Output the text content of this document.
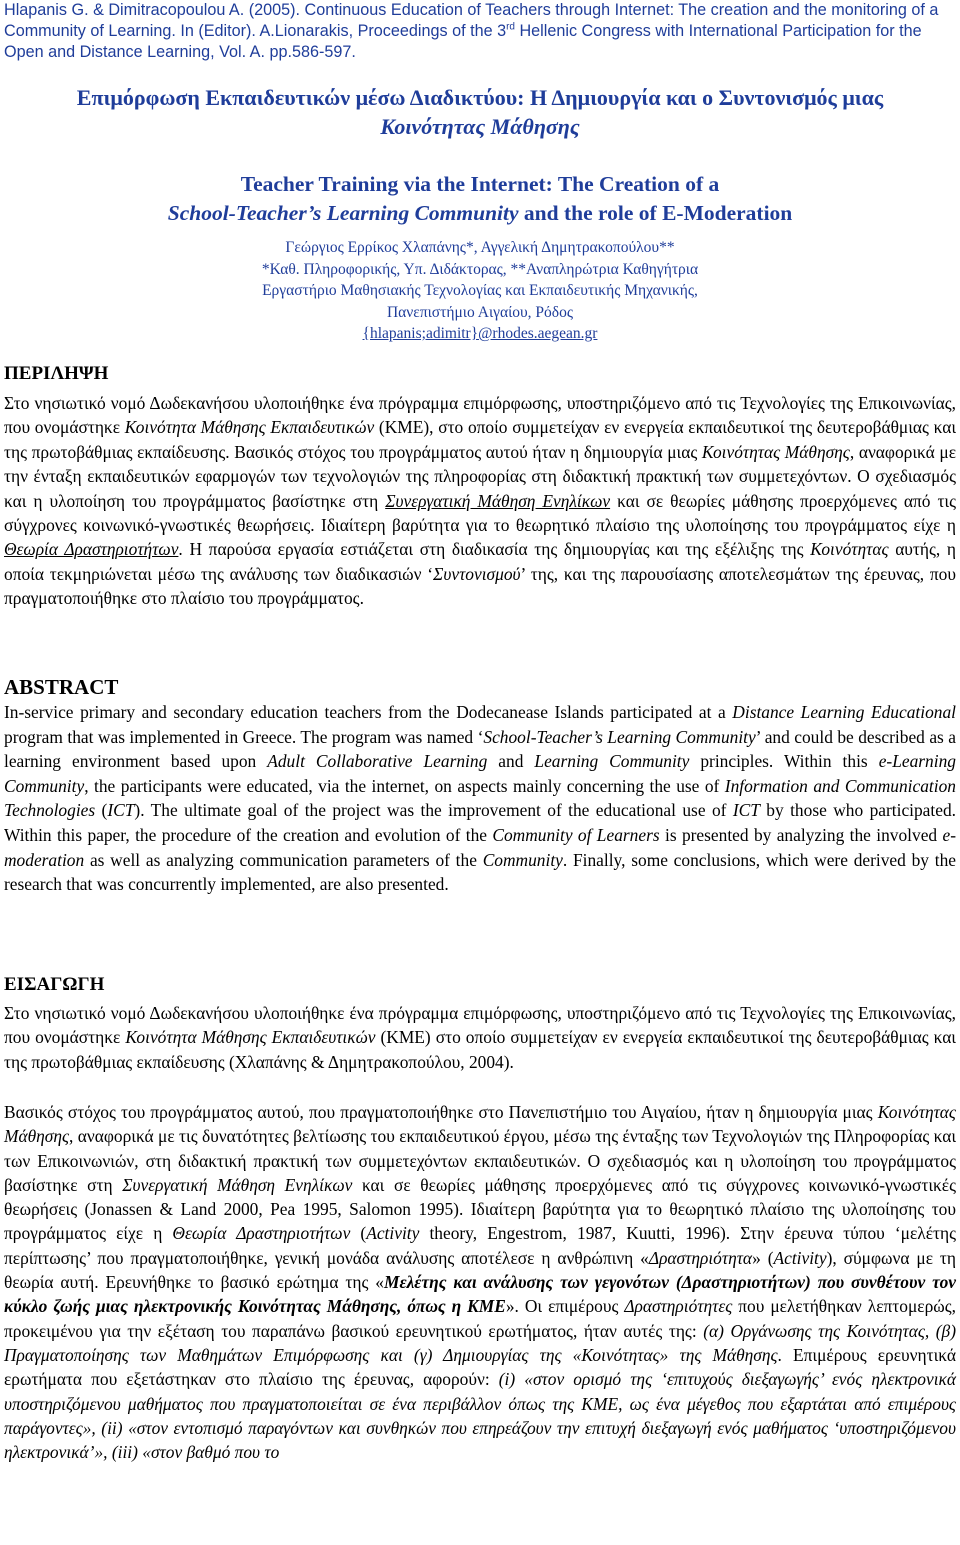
Hlapanis G. & Dimitracopoulou A. (2005). Continuous Education of Teachers through Internet: The creation and the monitoring of a Community of Learning. In (Editor). A.Lionarakis, Proceedings of the 3rd Hellenic Congress with International Participation for the Open and Distance Learning, Vol. A. pp.586-597.
Επιμόρφωση Εκπαιδευτικών μέσω Διαδικτύου: Η Δημιουργία και ο Συντονισμός μιας
Κοινότητας Μάθησης
Teacher Training via the Internet: The Creation of a
School-Teacher’s Learning Community and the role of E-Moderation
Γεώργιος Ερρίκος Χλαπάνης*, Αγγελική Δημητρακοπούλου**
*Καθ. Πληροφορικής, Υπ. Διδάκτορας, **Αναπληρώτρια Καθηγήτρια
Εργαστήριο Μαθησιακής Τεχνολογίας και Εκπαιδευτικής Μηχανικής,
Πανεπιστήμιο Αιγαίου, Ρόδος
{hlapanis;adimitr}@rhodes.aegean.gr
ΠΕΡΙΛΗΨΗ
Στο νησιωτικό νομό Δωδεκανήσου υλοποιήθηκε ένα πρόγραμμα επιμόρφωσης, υποστηριζόμενο από τις Τεχνολογίες της Επικοινωνίας, που ονομάστηκε Κοινότητα Μάθησης Εκπαιδευτικών (ΚΜΕ), στο οποίο συμμετείχαν εν ενεργεία εκπαιδευτικοί της δευτεροβάθμιας και της πρωτοβάθμιας εκπαίδευσης. Βασικός στόχος του προγράμματος αυτού ήταν η δημιουργία μιας Κοινότητας Μάθησης, αναφορικά με την ένταξη εκπαιδευτικών εφαρμογών των τεχνολογιών της πληροφορίας στη διδακτική πρακτική των συμμετεχόντων. Ο σχεδιασμός και η υλοποίηση του προγράμματος βασίστηκε στη Συνεργατική Μάθηση Ενηλίκων και σε θεωρίες μάθησης προερχόμενες από τις σύγχρονες κοινωνικό-γνωστικές θεωρήσεις. Ιδιαίτερη βαρύτητα για το θεωρητικό πλαίσιο της υλοποίησης του προγράμματος είχε η Θεωρία Δραστηριοτήτων. Η παρούσα εργασία εστιάζεται στη διαδικασία της δημιουργίας και της εξέλιξης της Κοινότητας αυτής, η οποία τεκμηριώνεται μέσω της ανάλυσης των διαδικασιών ‘Συντονισμού’ της, και της παρουσίασης αποτελεσμάτων της έρευνας, που πραγματοποιήθηκε στο πλαίσιο του προγράμματος.
ABSTRACT
In-service primary and secondary education teachers from the Dodecanease Islands participated at a Distance Learning Educational program that was implemented in Greece. The program was named ‘School-Teacher’s Learning Community’ and could be described as a learning environment based upon Adult Collaborative Learning and Learning Community principles. Within this e-Learning Community, the participants were educated, via the internet, on aspects mainly concerning the use of Information and Communication Technologies (ICT). The ultimate goal of the project was the improvement of the educational use of ICT by those who participated. Within this paper, the procedure of the creation and evolution of the Community of Learners is presented by analyzing the involved e-moderation as well as analyzing communication parameters of the Community. Finally, some conclusions, which were derived by the research that was concurrently implemented, are also presented.
ΕΙΣΑΓΩΓΗ
Στο νησιωτικό νομό Δωδεκανήσου υλοποιήθηκε ένα πρόγραμμα επιμόρφωσης, υποστηριζόμενο από τις Τεχνολογίες της Επικοινωνίας, που ονομάστηκε Κοινότητα Μάθησης Εκπαιδευτικών (ΚΜΕ) στο οποίο συμμετείχαν εν ενεργεία εκπαιδευτικοί της δευτεροβάθμιας και της πρωτοβάθμιας εκπαίδευσης (Χλαπάνης & Δημητρακοπούλου, 2004).
Βασικός στόχος του προγράμματος αυτού, που πραγματοποιήθηκε στο Πανεπιστήμιο του Αιγαίου, ήταν η δημιουργία μιας Κοινότητας Μάθησης, αναφορικά με τις δυνατότητες βελτίωσης του εκπαιδευτικού έργου, μέσω της ένταξης των Τεχνολογιών της Πληροφορίας και των Επικοινωνιών, στη διδακτική πρακτική των συμμετεχόντων εκπαιδευτικών. Ο σχεδιασμός και η υλοποίηση του προγράμματος βασίστηκε στη Συνεργατική Μάθηση Ενηλίκων και σε θεωρίες μάθησης προερχόμενες από τις σύγχρονες κοινωνικό-γνωστικές θεωρήσεις (Jonassen & Land 2000, Pea 1995, Salomon 1995). Ιδιαίτερη βαρύτητα για το θεωρητικό πλαίσιο της υλοποίησης του προγράμματος είχε η Θεωρία Δραστηριοτήτων (Activity theory, Engestrom, 1987, Kuutti, 1996). Στην έρευνα τύπου ‘μελέτης περίπτωσης’ που πραγματοποιήθηκε, γενική μονάδα ανάλυσης αποτέλεσε η ανθρώπινη «Δραστηριότητα» (Activity), σύμφωνα με τη θεωρία αυτή. Ερευνήθηκε το βασικό ερώτημα της «Μελέτης και ανάλυσης των γεγονότων (Δραστηριοτήτων) που συνθέτουν τον κύκλο ζωής μιας ηλεκτρονικής Κοινότητας Μάθησης, όπως η ΚΜΕ». Οι επιμέρους Δραστηριότητες που μελετήθηκαν λεπτομερώς, προκειμένου για την εξέταση του παραπάνω βασικού ερευνητικού ερωτήματος, ήταν αυτές της: (α) Οργάνωσης της Κοινότητας, (β) Πραγματοποίησης των Μαθημάτων Επιμόρφωσης και (γ) Δημιουργίας της «Κοινότητας» της Μάθησης. Επιμέρους ερευνητικά ερωτήματα που εξετάστηκαν στο πλαίσιο της έρευνας, αφορούν: (i) «στον ορισμό της ‘επιτυχούς διεξαγωγής’ ενός ηλεκτρονικά υποστηριζόμενου μαθήματος που πραγματοποιείται σε ένα περιβάλλον όπως της ΚΜΕ, ως ένα μέγεθος που εξαρτάται από επιμέρους παράγοντες», (ii) «στον εντοπισμό παραγόντων και συνθηκών που επηρεάζουν την επιτυχή διεξαγωγή ενός μαθήματος ‘υποστηριζόμενου ηλεκτρονικά’», (iii) «στον βαθμό που το
